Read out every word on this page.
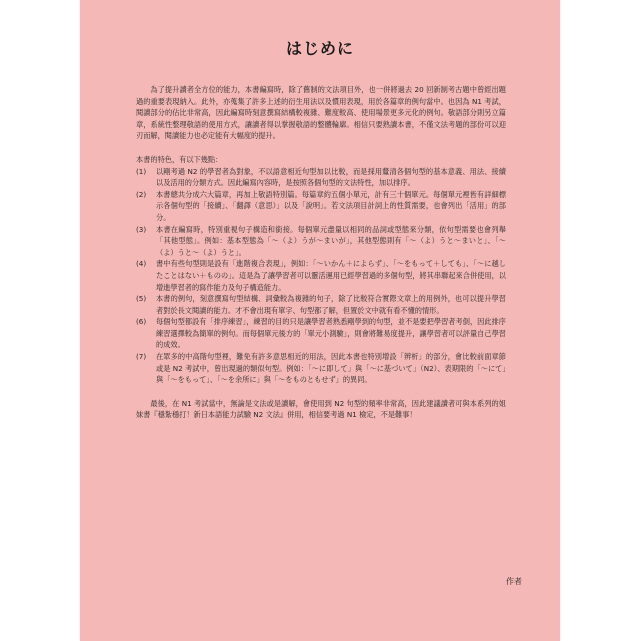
はじめに

為了提升讀者全方位的能力，本書編寫時，除了舊制的文法項目外，也一併將過去 20 回新制考古題中曾經出題過的重要表現納入。此外，亦蒐集了許多上述的衍生用法以及慣用表現，用於各篇章的例句當中。也因為 N1 考試，閱讀部分的佔比非常高，因此編寫時刻意撰寫結構較複雜、難度較高、使用場景更多元化的例句。敬語部分則另立篇章，系統性整理敬語的使用方式，讓讀者得以掌握敬語的整體輪廓。相信只要熟讀本書，不僅文法考題的部份可以迎刃而解，閱讀能力也必定能有大幅度的提升。

本書的特色，有以下幾點：

(1)	以剛考過 N2 的學習者為對象，不以語意相近句型加以比較，而是採用釐清各個句型的基本意義、用法、接續以及活用的分類方式。因此編寫內容時，是按照各個句型的文法特性，加以排序。
(2)	本書總共分成六大篇章，再加上敬語特別篇。每篇章約五個小單元，計有三十個單元。每個單元裡皆有詳細標示各個句型的「接續」、「翻譯（意思）」以及「說明」。若文法項目計詞上的性質需要，也會列出「活用」的部分。
(3)	本書在編寫時，特別重視句子構造和銜接。每個單元盡量以相同的品詞或型態來分類，依句型需要也會列舉「其他型態」。例如：基本型態為「〜（よ）うが〜まいが」，其他型態則有「〜（よ）うと〜まいと」、「〜（よ）うと〜（よ）うと」。
(4)	書中有些句型則是設有「進階複合表現」，例如：「〜いかん＋によらず」、「〜をもって＋しても」、「〜に越したことはない＋ものの」。這是為了讓學習者可以靈活運用已經學習過的多個句型，將其串聯起來合併使用，以增進學習者的寫作能力及句子構造能力。
(5)	本書的例句，刻意撰寫句型結構、詞彙較為複雜的句子，除了比較符合實際文章上的用例外，也可以提升學習者對於長文閱讀的能力。才不會出現有單字、句型都了解，但置於文中就有看不懂的情形。
(6)	每個句型都設有「排序練習」，練習的目的只是讓學習者熟悉剛學到的句型，並不是要把學習者考倒，因此排序練習選擇較為簡單的例句。而每個單元後方的「單元小測驗」，則會將難易度提升，讓學習者可以評量自己學習的成效。
(7)	在眾多的中高階句型裡，難免有許多意思相近的用法，因此本書也特別增設「辨析」的部分，會比較前面章節或是 N2 考試中，曾出現過的類似句型。例如：「〜に即して」與「〜に基づいて」（N2）、表期限的「〜にて」與「〜をもって」、「〜を余所に」與「〜をものともせず」的異同。

最後，在 N1 考試當中，無論是文法或是讀解，會使用到 N2 句型的頻率非常高，因此建議讀者可與本系列的姐妹書『穩紮穩打！新日本語能力試驗 N2 文法』併用，相信要考過 N1 檢定，不是難事！

作者
